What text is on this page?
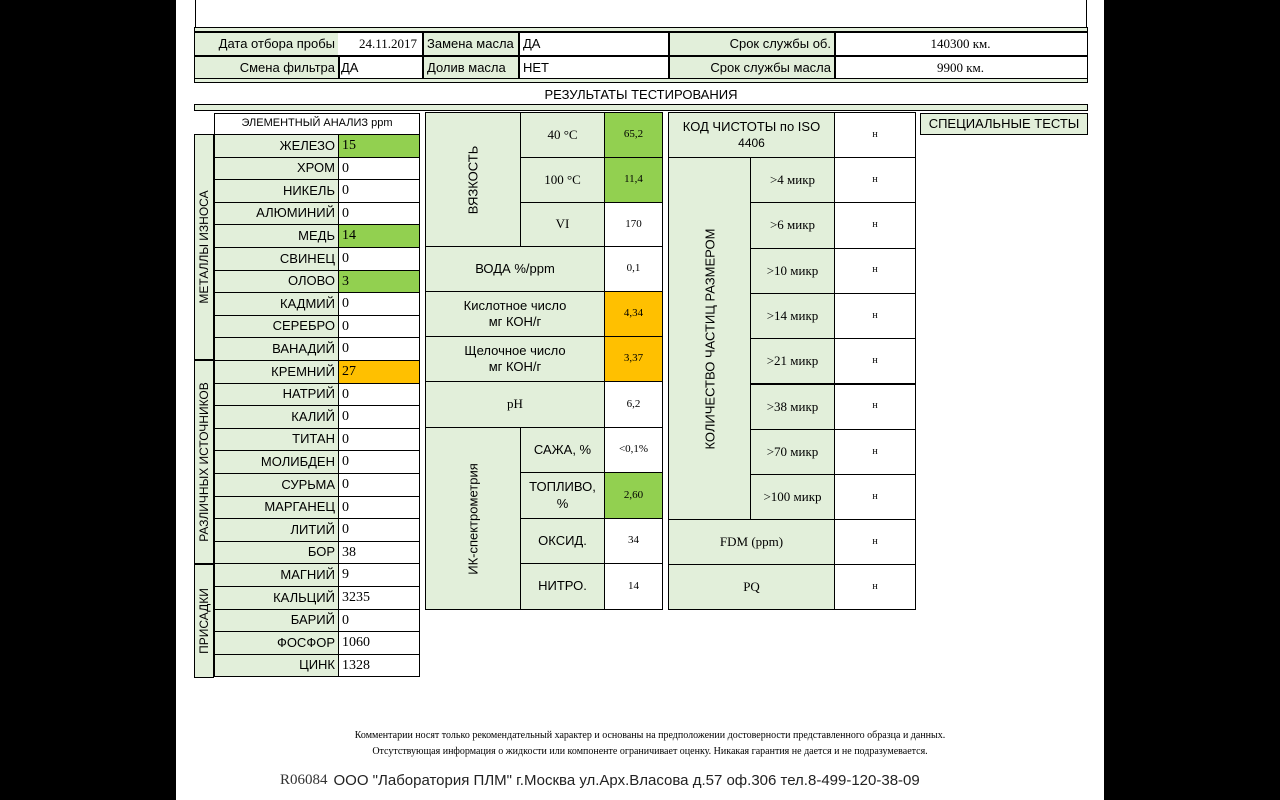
Дата отбора пробы	24.11.2017 Замена масла ДА	Срок службы об.	140300 км.
Смена фильтра ДА	Долив масла	НЕТ	Срок службы масла	9900 км.
РЕЗУЛЬТАТЫ ТЕСТИРОВАНИЯ
ЭЛЕМЕНТНЫЙ АНАЛИЗ ppm
МЕТАЛЛЫ ИЗНОСА
РАЗЛИЧНЫХ ИСТОЧНИКОВ
ПРИСАДКИ
ВЯЗКОСТЬ
40 °С	65,2
100 °С	11,4
VI	170
ВОДА %/ppm	0,1
Кислотное число
мг КОН/г
4,34
Щелочное число
мг КОН/г
3,37
pH	6,2
ИК-спектрометрия
САЖА, %	<0,1%
ТОПЛИВО,
%
2,60
ОКСИД.	34
НИТРО.	14
КОД ЧИСТОТЫ по ISO
4406
н
КОЛИЧЕСТВО ЧАСТИЦ РАЗМЕРОМ
FDM (ppm)	н
PQ	н
СПЕЦИАЛЬНЫЕ ТЕСТЫ
Комментарии носят только рекомендательный характер и основаны на предположении достоверности представленного образца и данных.
Отсутствующая информация о жидкости или компоненте ограничивает оценку. Никакая гарантия не дается и не подразумевается.
R06084 ООО "Лаборатория ПЛМ" г.Москва ул.Арх.Власова д.57 оф.306 тел.8-499-120-38-09
ЖЕЛЕЗО 15
ХРОМ 0
НИКЕЛЬ 0
АЛЮМИНИЙ 0
МЕДЬ 14
СВИНЕЦ 0
ОЛОВО 3
КАДМИЙ 0
СЕРЕБРО 0
ВАНАДИЙ 0
КРЕМНИЙ 27
НАТРИЙ 0
КАЛИЙ 0
ТИТАН 0
МОЛИБДЕН 0
СУРЬМА 0
МАРГАНЕЦ 0
ЛИТИЙ 0
БОР 38
МАГНИЙ 9
КАЛЬЦИЙ 3235
БАРИЙ 0
ФОСФОР 1060
ЦИНК 1328
>4 микр	н
>6 микр	н
>10 микр	н
>14 микр	н
>21 микр	н
>38 микр	н
>70 микр	н
>100 микр	н
